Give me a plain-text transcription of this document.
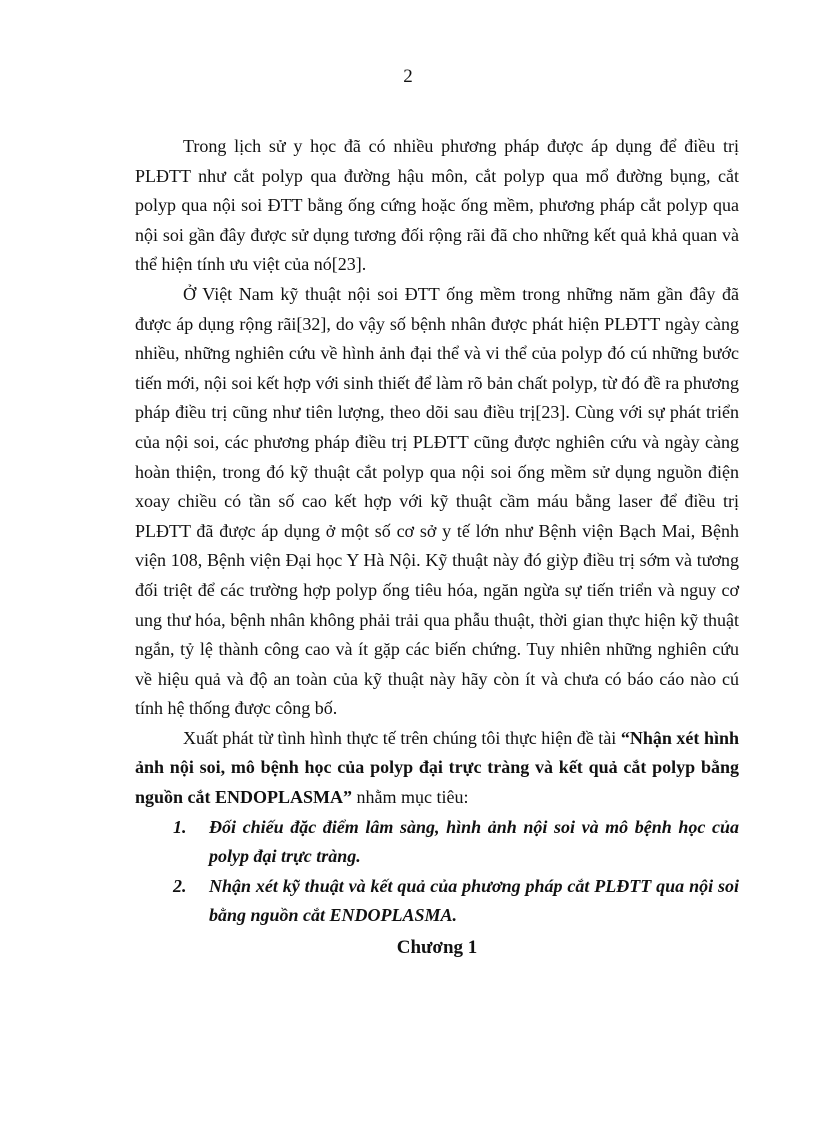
2

Trong lịch sử y học đã có nhiều phương pháp được áp dụng để điều trị PLĐTT như cắt polyp qua đường hậu môn, cắt polyp qua mổ đường bụng, cắt polyp qua nội soi ĐTT bằng ống cứng hoặc ống mềm, phương pháp cắt polyp qua nội soi gần đây được sử dụng tương đối rộng rãi đã cho những kết quả khả quan và thể hiện tính ưu việt của nó[23].

Ở Việt Nam kỹ thuật nội soi ĐTT ống mềm trong những năm gần đây đã được áp dụng rộng rãi[32], do vậy số bệnh nhân được phát hiện PLĐTT ngày càng nhiều, những nghiên cứu về hình ảnh đại thể và vi thể của polyp đó cú những bước tiến mới, nội soi kết hợp với sinh thiết để làm rõ bản chất polyp, từ đó đề ra phương pháp điều trị cũng như tiên lượng, theo dõi sau điều trị[23]. Cùng với sự phát triển của nội soi, các phương pháp điều trị PLĐTT cũng được nghiên cứu và ngày càng hoàn thiện, trong đó kỹ thuật cắt polyp qua nội soi ống mềm sử dụng nguồn điện xoay chiều có tần số cao kết hợp với kỹ thuật cầm máu bằng laser để điều trị PLĐTT đã được áp dụng ở một số cơ sở y tế lớn như Bệnh viện Bạch Mai, Bệnh viện 108, Bệnh viện Đại học Y Hà Nội. Kỹ thuật này đó giỳp điều trị sớm và tương đối triệt để các trường hợp polyp ống tiêu hóa, ngăn ngừa sự tiến triển và nguy cơ ung thư hóa, bệnh nhân không phải trải qua phẫu thuật, thời gian thực hiện kỹ thuật ngắn, tỷ lệ thành công cao và ít gặp các biến chứng. Tuy nhiên những nghiên cứu về hiệu quả và độ an toàn của kỹ thuật này hãy còn ít và chưa có báo cáo nào cú tính hệ thống được công bố.

Xuất phát từ tình hình thực tế trên chúng tôi thực hiện đề tài “Nhận xét hình ảnh nội soi, mô bệnh học của polyp đại trực tràng và kết quả cắt polyp bằng nguồn cắt ENDOPLASMA” nhằm mục tiêu:

1. Đối chiếu đặc điểm lâm sàng, hình ảnh nội soi và mô bệnh học của polyp đại trực tràng.
2. Nhận xét kỹ thuật và kết quả của phương pháp cắt PLĐTT qua nội soi bằng nguồn cắt ENDOPLASMA.
Chương 1
